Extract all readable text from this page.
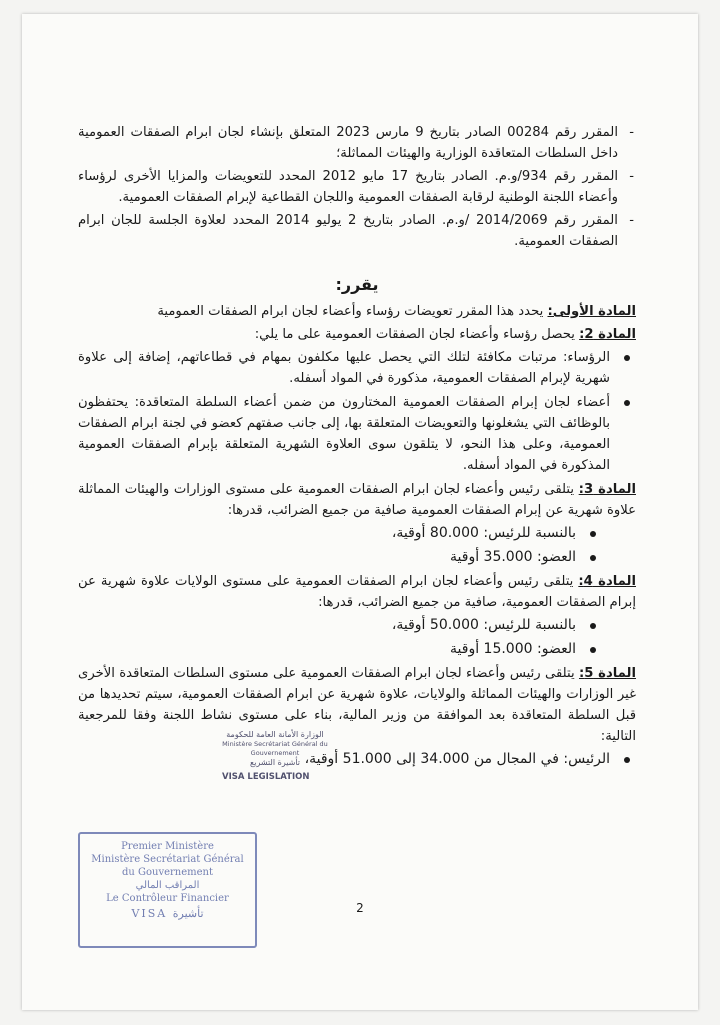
- المقرر رقم 00284 الصادر بتاريخ 9 مارس 2023 المتعلق بإنشاء لجان ابرام الصفقات العمومية داخل السلطات المتعاقدة الوزارية والهيئات المماثلة؛
- المقرر رقم 934/و.م. الصادر بتاريخ 17 مايو 2012 المحدد للتعويضات والمزايا الأخرى لرؤساء وأعضاء اللجنة الوطنية لرقابة الصفقات العمومية واللجان القطاعية لإبرام الصفقات العمومية.
- المقرر رقم 2014/2069 /و.م. الصادر بتاريخ 2 يوليو 2014 المحدد لعلاوة الجلسة للجان ابرام الصفقات العمومية.
يقرر:

المادة الأولى: يحدد هذا المقرر تعويضات رؤساء وأعضاء لجان ابرام الصفقات العمومية

المادة 2: يحصل رؤساء وأعضاء لجان الصفقات العمومية على ما يلي:

الرؤساء: مرتبات مكافئة لتلك التي يحصل عليها مكلفون بمهام في قطاعاتهم، إضافة إلى علاوة شهرية لإبرام الصفقات العمومية، مذكورة في المواد أسفله.
أعضاء لجان إبرام الصفقات العمومية المختارون من ضمن أعضاء السلطة المتعاقدة: يحتفظون بالوظائف التي يشغلونها والتعويضات المتعلقة بها، إلى جانب صفتهم كعضو في لجنة ابرام الصفقات العمومية، وعلى هذا النحو، لا يتلقون سوى العلاوة الشهرية المتعلقة بإبرام الصفقات العمومية المذكورة في المواد أسفله.

المادة 3: يتلقى رئيس وأعضاء لجان ابرام الصفقات العمومية على مستوى الوزارات والهيئات المماثلة علاوة شهرية عن إبرام الصفقات العمومية صافية من جميع الضرائب، قدرها:

بالنسبة للرئيس: 80.000 أوقية،
العضو: 35.000 أوقية

المادة 4: يتلقى رئيس وأعضاء لجان ابرام الصفقات العمومية على مستوى الولايات علاوة شهرية عن إبرام الصفقات العمومية، صافية من جميع الضرائب، قدرها:

بالنسبة للرئيس: 50.000 أوقية،
العضو: 15.000 أوقية

المادة 5: يتلقى رئيس وأعضاء لجان ابرام الصفقات العمومية على مستوى السلطات المتعاقدة الأخرى غير الوزارات والهيئات المماثلة والولايات، علاوة شهرية عن ابرام الصفقات العمومية، سيتم تحديدها من قبل السلطة المتعاقدة بعد الموافقة من وزير المالية، بناء على مستوى نشاط اللجنة وفقا للمرجعية التالية:

الرئيس: في المجال من 34.000 إلى 51.000 أوقية،
2
الوزارة الأمانة العامة للحكومة
Ministère Secrétariat Général du Gouvernement
تأشيرة التشريع
VISA LEGISLATION
Premier Ministère
Ministère Secrétariat Général
du Gouvernement
المراقب المالي
Le Contrôleur Financier
VISA تأشيرة
